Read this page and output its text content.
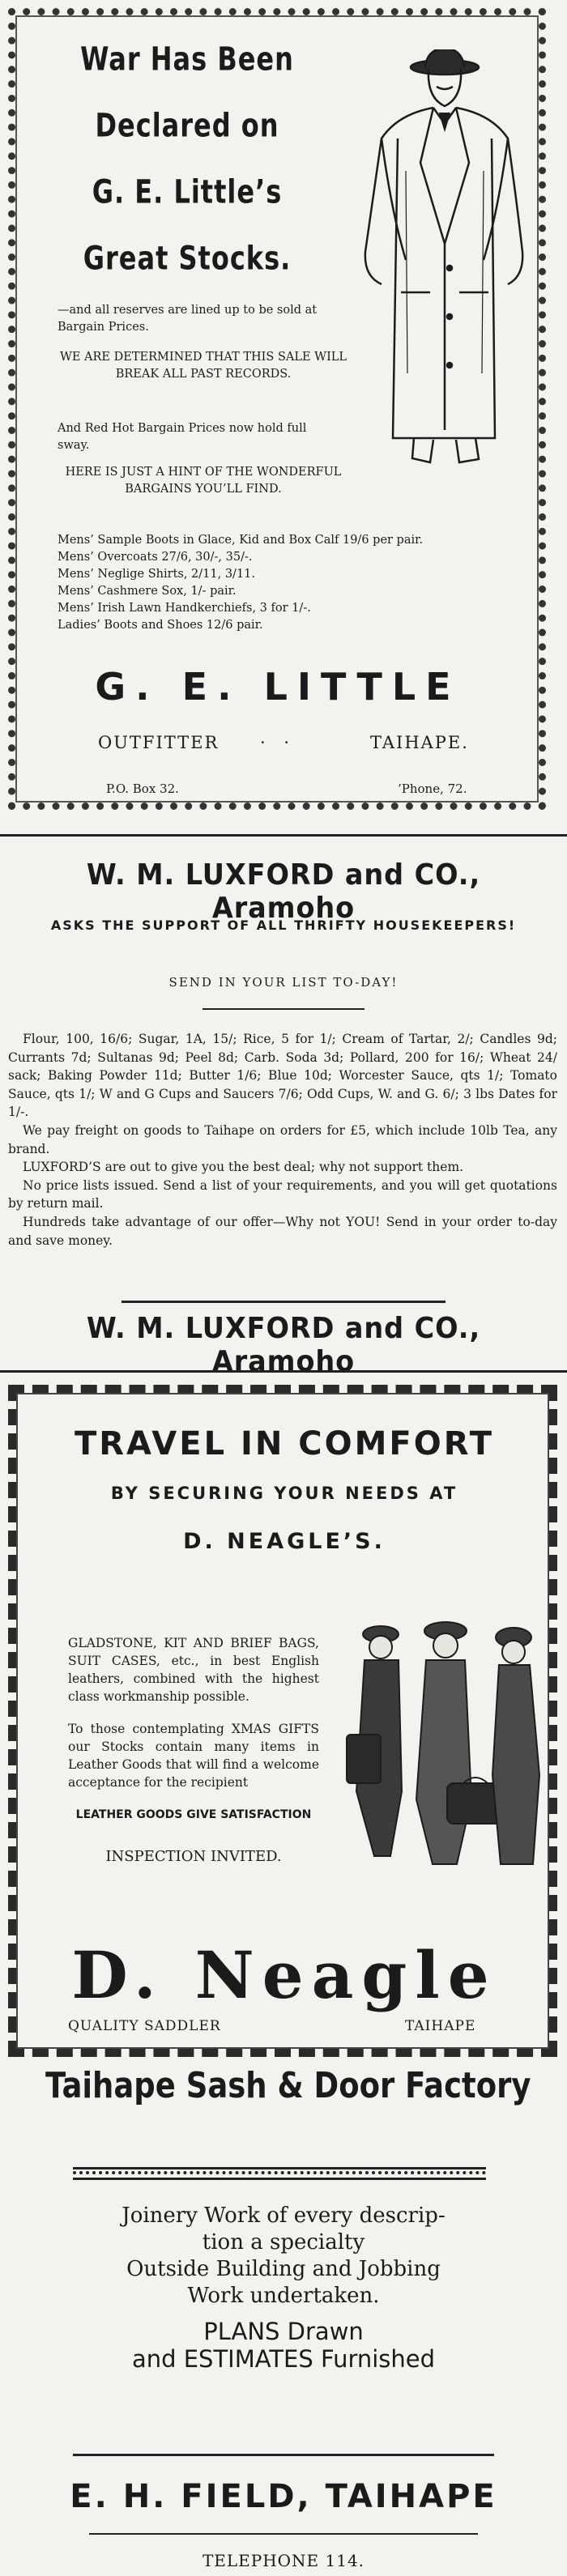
War Has Been
Declared on
G. E. Little’s
Great Stocks.
—and all reserves are lined up to be sold at Bargain Prices.
WE ARE DETERMINED THAT THIS SALE WILL BREAK ALL PAST RECORDS.
And Red Hot Bargain Prices now hold full sway.
HERE IS JUST A HINT OF THE WONDERFUL BARGAINS YOU’LL FIND.
Mens’ Sample Boots in Glace, Kid and Box Calf 19/6 per pair.
Mens’ Overcoats 27/6, 30/-, 35/-.
Mens’ Neglige Shirts, 2/11, 3/11.
Mens’ Cashmere Sox, 1/- pair.
Mens’ Irish Lawn Handkerchiefs, 3 for 1/-.
Ladies’ Boots and Shoes 12/6 pair.
G. E. LITTLE
OUTFITTER · ·	TAIHAPE.
P.O. Box 32.	’Phone, 72.
W. M. LUXFORD and CO., Aramoho
ASKS THE SUPPORT OF ALL THRIFTY HOUSEKEEPERS!
SEND IN YOUR LIST TO-DAY!

Flour, 100, 16/6; Sugar, 1A, 15/; Rice, 5 for 1/; Cream of Tartar, 2/; Candles 9d; Currants 7d; Sultanas 9d; Peel 8d; Carb. Soda 3d; Pollard, 200 for 16/; Wheat 24/ sack; Baking Powder 11d; Butter 1/6; Blue 10d; Worcester Sauce, qts 1/; Tomato Sauce, qts 1/; W and G Cups and Saucers 7/6; Odd Cups, W. and G. 6/; 3 lbs Dates for 1/-.

We pay freight on goods to Taihape on orders for £5, which include 10lb Tea, any brand.

LUXFORD’S are out to give you the best deal; why not support them.

No price lists issued. Send a list of your requirements, and you will get quotations by return mail.

Hundreds take advantage of our offer—Why not YOU! Send in your order to-day and save money.

W. M. LUXFORD and CO., Aramoho
TRAVEL IN COMFORT
BY SECURING YOUR NEEDS AT
D. NEAGLE’S.
GLADSTONE, KIT AND BRIEF BAGS, SUIT CASES, etc., in best English leathers, combined with the highest class workmanship possible.
To those contemplating XMAS GIFTS our Stocks contain many items in Leather Goods that will find a welcome acceptance for the recipient
LEATHER GOODS GIVE SATISFACTION
INSPECTION INVITED.
D. Neagle
QUALITY SADDLER	TAIHAPE
Taihape Sash & Door Factory
Joinery Work of every descrip-
tion a specialty
Outside Building and Jobbing
Work undertaken.
PLANS Drawn
and ESTIMATES Furnished
E. H. FIELD, TAIHAPE
TELEPHONE 114.
